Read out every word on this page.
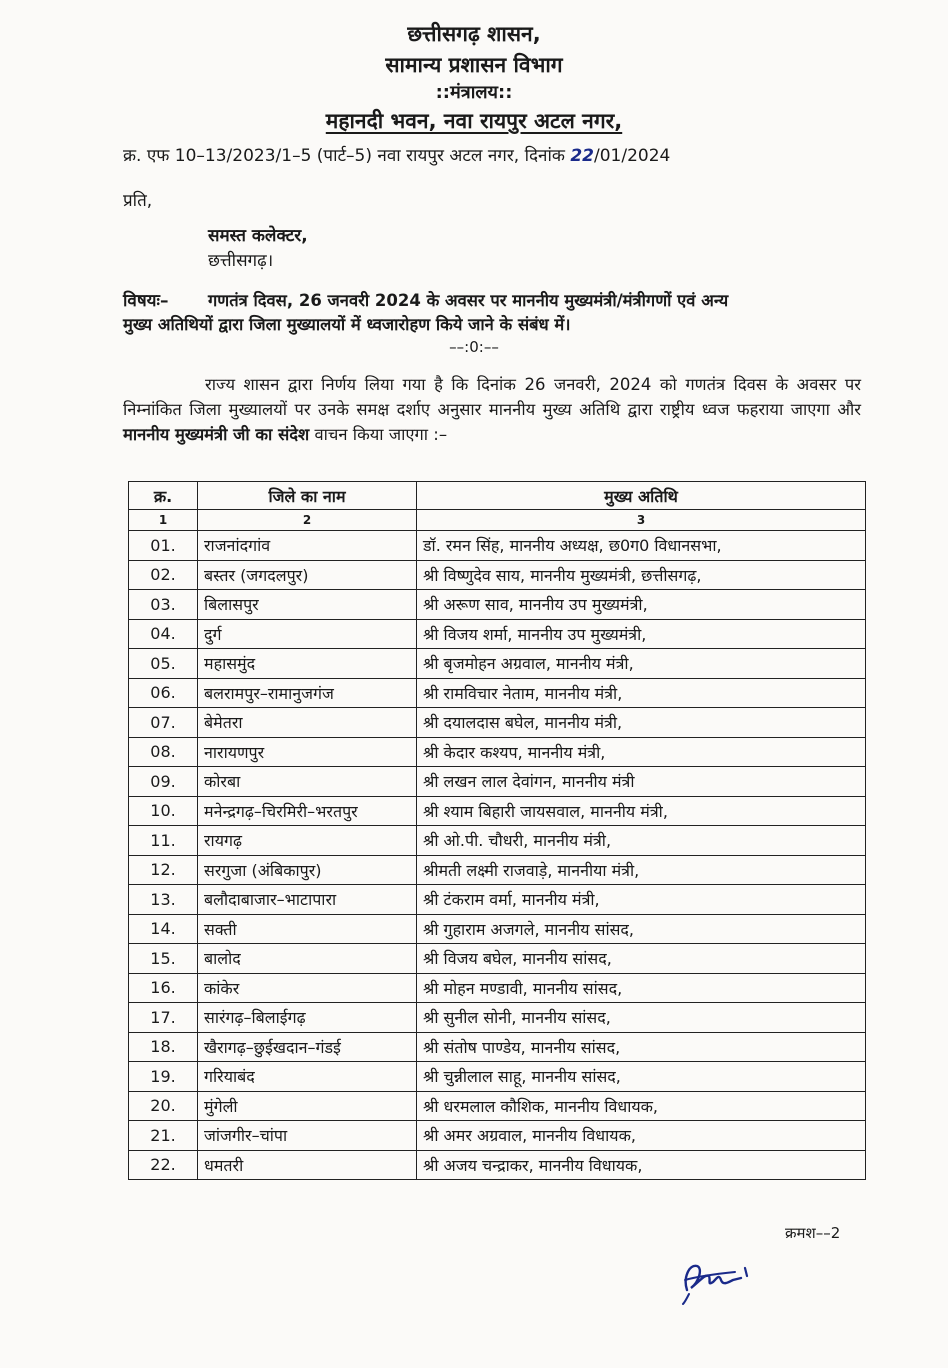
छत्तीसगढ़ शासन,
सामान्य प्रशासन विभाग
::मंत्रालय::
महानदी भवन, नवा रायपुर अटल नगर,
क्र. एफ 10–13/2023/1–5 (पार्ट–5) नवा रायपुर अटल नगर, दिनांक 22/01/2024
प्रति,
समस्त कलेक्टर,
छत्तीसगढ़।
विषयः– गणतंत्र दिवस, 26 जनवरी 2024 के अवसर पर माननीय मुख्यमंत्री/मंत्रीगणों एवं अन्य
मुख्य अतिथियों द्वारा जिला मुख्यालयों में ध्वजारोहण किये जाने के संबंध में।
––:0:––
राज्य शासन द्वारा निर्णय लिया गया है कि दिनांक 26 जनवरी, 2024 को गणतंत्र दिवस के अवसर पर निम्नांकित जिला मुख्यालयों पर उनके समक्ष दर्शाए अनुसार माननीय मुख्य अतिथि द्वारा राष्ट्रीय ध्वज फहराया जाएगा और माननीय मुख्यमंत्री जी का संदेश वाचन किया जाएगा :–
क्र.	जिले का नाम	मुख्य अतिथि
1	2	3
01.	राजनांदगांव	डॉ. रमन सिंह, माननीय अध्यक्ष, छ0ग0 विधानसभा,
02.	बस्तर (जगदलपुर)	श्री विष्णुदेव साय, माननीय मुख्यमंत्री, छत्तीसगढ़,
03.	बिलासपुर	श्री अरूण साव, माननीय उप मुख्यमंत्री,
04.	दुर्ग	श्री विजय शर्मा, माननीय उप मुख्यमंत्री,
05.	महासमुंद	श्री बृजमोहन अग्रवाल, माननीय मंत्री,
06.	बलरामपुर–रामानुजगंज	श्री रामविचार नेताम, माननीय मंत्री,
07.	बेमेतरा	श्री दयालदास बघेल, माननीय मंत्री,
08.	नारायणपुर	श्री केदार कश्यप, माननीय मंत्री,
09.	कोरबा	श्री लखन लाल देवांगन, माननीय मंत्री
10.	मनेन्द्रगढ़–चिरमिरी–भरतपुर	श्री श्याम बिहारी जायसवाल, माननीय मंत्री,
11.	रायगढ़	श्री ओ.पी. चौधरी, माननीय मंत्री,
12.	सरगुजा (अंबिकापुर)	श्रीमती लक्ष्मी राजवाड़े, माननीया मंत्री,
13.	बलौदाबाजार–भाटापारा	श्री टंकराम वर्मा, माननीय मंत्री,
14.	सक्ती	श्री गुहाराम अजगले, माननीय सांसद,
15.	बालोद	श्री विजय बघेल, माननीय सांसद,
16.	कांकेर	श्री मोहन मण्डावी, माननीय सांसद,
17.	सारंगढ़–बिलाईगढ़	श्री सुनील सोनी, माननीय सांसद,
18.	खैरागढ़–छुईखदान–गंडई	श्री संतोष पाण्डेय, माननीय सांसद,
19.	गरियाबंद	श्री चुन्नीलाल साहू, माननीय सांसद,
20.	मुंगेली	श्री धरमलाल कौशिक, माननीय विधायक,
21.	जांजगीर–चांपा	श्री अमर अग्रवाल, माननीय विधायक,
22.	धमतरी	श्री अजय चन्द्राकर, माननीय विधायक,
क्रमश––2
